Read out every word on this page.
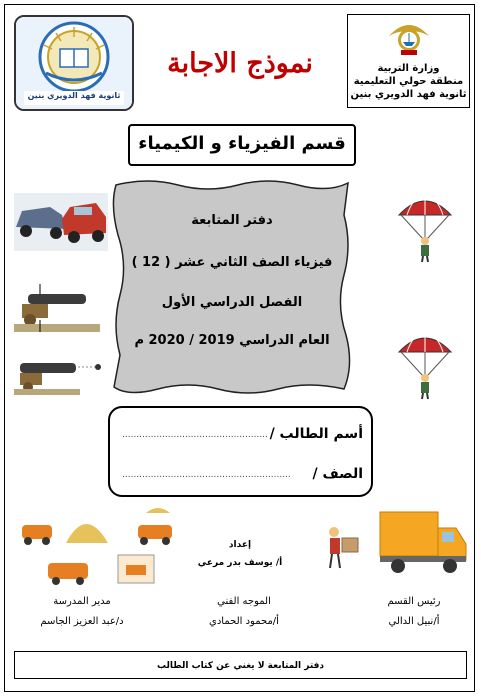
ثانوية فهد الدويري بنين
نموذج الاجابة	وزارة التربية
منطقة حولي التعليمية
ثانوية فهد الدويري بنين
قسم الفيزياء و الكيمياء
دفتر المتابعة
فيزياء الصف الثاني عشر ( 12 )
الفصل الدراسي الأول
العام الدراسي 2019 / 2020 م
أسم الطالب /
...................................................
الصف /
...........................................................
إعداد
أ/ يوسف بدر مرعي
رئيس القسم
أ/نبيل الدالي
الموجه الفني
أ/محمود الحمادي
مدير المدرسة
د/عبد العزيز الجاسم
دفتر المتابعة لا يغني عن كتاب الطالب
